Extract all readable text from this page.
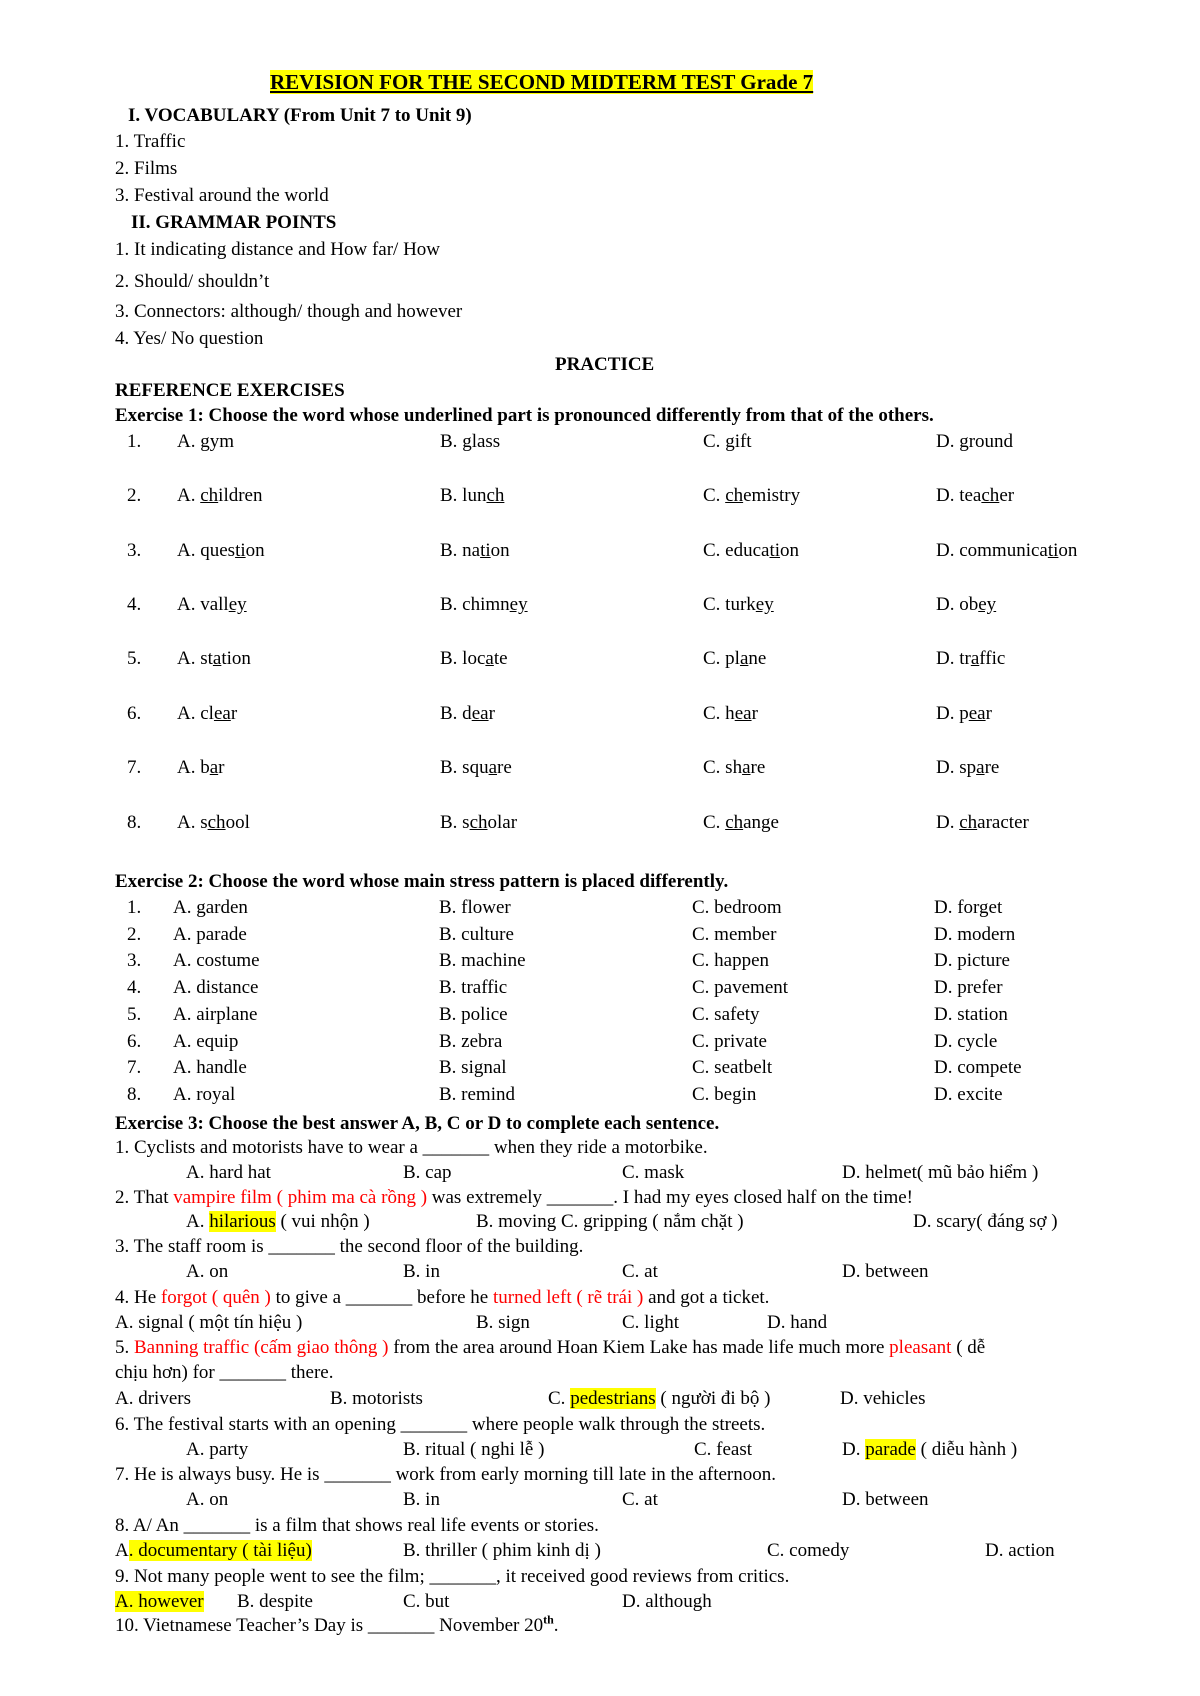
REVISION FOR THE SECOND MIDTERM TEST Grade 7
I. VOCABULARY (From Unit 7 to Unit 9)
1. Traffic
2. Films
3. Festival around the world
II. GRAMMAR POINTS
1. It indicating distance and How far/ How
2. Should/ shouldn’t
3. Connectors: although/ though and however
4. Yes/ No question
PRACTICE
REFERENCE EXERCISES
Exercise 1: Choose the word whose underlined part is pronounced differently from that of the others.
1. A. gym	B. glass	C. gift	D. ground
2. A. children	B. lunch	C. chemistry	D. teacher
3. A. question	B. nation	C. education	D. communication
4. A. valley	B. chimney	C. turkey	D. obey
5. A. station	B. locate	C. plane	D. traffic
6. A. clear	B. dear	C. hear	D. pear
7. A. bar	B. square	C. share	D. spare
8. A. school	B. scholar	C. change	D. character
Exercise 2: Choose the word whose main stress pattern is placed differently.
1. A. garden	B. flower	C. bedroom	D. forget
2. A. parade	B. culture	C. member	D. modern
3. A. costume	B. machine	C. happen	D. picture
4. A. distance	B. traffic	C. pavement	D. prefer
5. A. airplane	B. police	C. safety	D. station
6. A. equip	B. zebra	C. private	D. cycle
7. A. handle	B. signal	C. seatbelt	D. compete
8. A. royal	B. remind	C. begin	D. excite
Exercise 3: Choose the best answer A, B, C or D to complete each sentence.
1. Cyclists and motorists have to wear a _______ when they ride a motorbike.
A. hard hat	B. cap	C. mask	D. helmet( mũ bảo hiểm )
2. That vampire film ( phim ma cà rồng ) was extremely _______. I had my eyes closed half on the time!
A. hilarious ( vui nhộn )	B. moving C. gripping ( nắm chặt )	D. scary( đáng sợ )
3. The staff room is _______ the second floor of the building.
A. on	B. in	C. at	D. between
4. He forgot ( quên ) to give a _______ before he turned left ( rẽ trái ) and got a ticket.
A. signal ( một tín hiệu )	B. sign	C. light	D. hand
5. Banning traffic (cấm giao thông ) from the area around Hoan Kiem Lake has made life much more pleasant ( dễ
chịu hơn) for _______ there.
A. drivers	B. motorists	C. pedestrians ( người đi bộ )	D. vehicles
6. The festival starts with an opening _______ where people walk through the streets.
A. party	B. ritual ( nghi lễ )	C. feast	D. parade ( diễu hành )
7. He is always busy. He is _______ work from early morning till late in the afternoon.
A. on	B. in	C. at	D. between
8. A/ An _______ is a film that shows real life events or stories.
A. documentary ( tài liệu)	B. thriller ( phim kinh dị )	C. comedy	D. action
9. Not many people went to see the film; _______, it received good reviews from critics.
A. however B. despite	C. but	D. although
10. Vietnamese Teacher’s Day is _______ November 20th.
